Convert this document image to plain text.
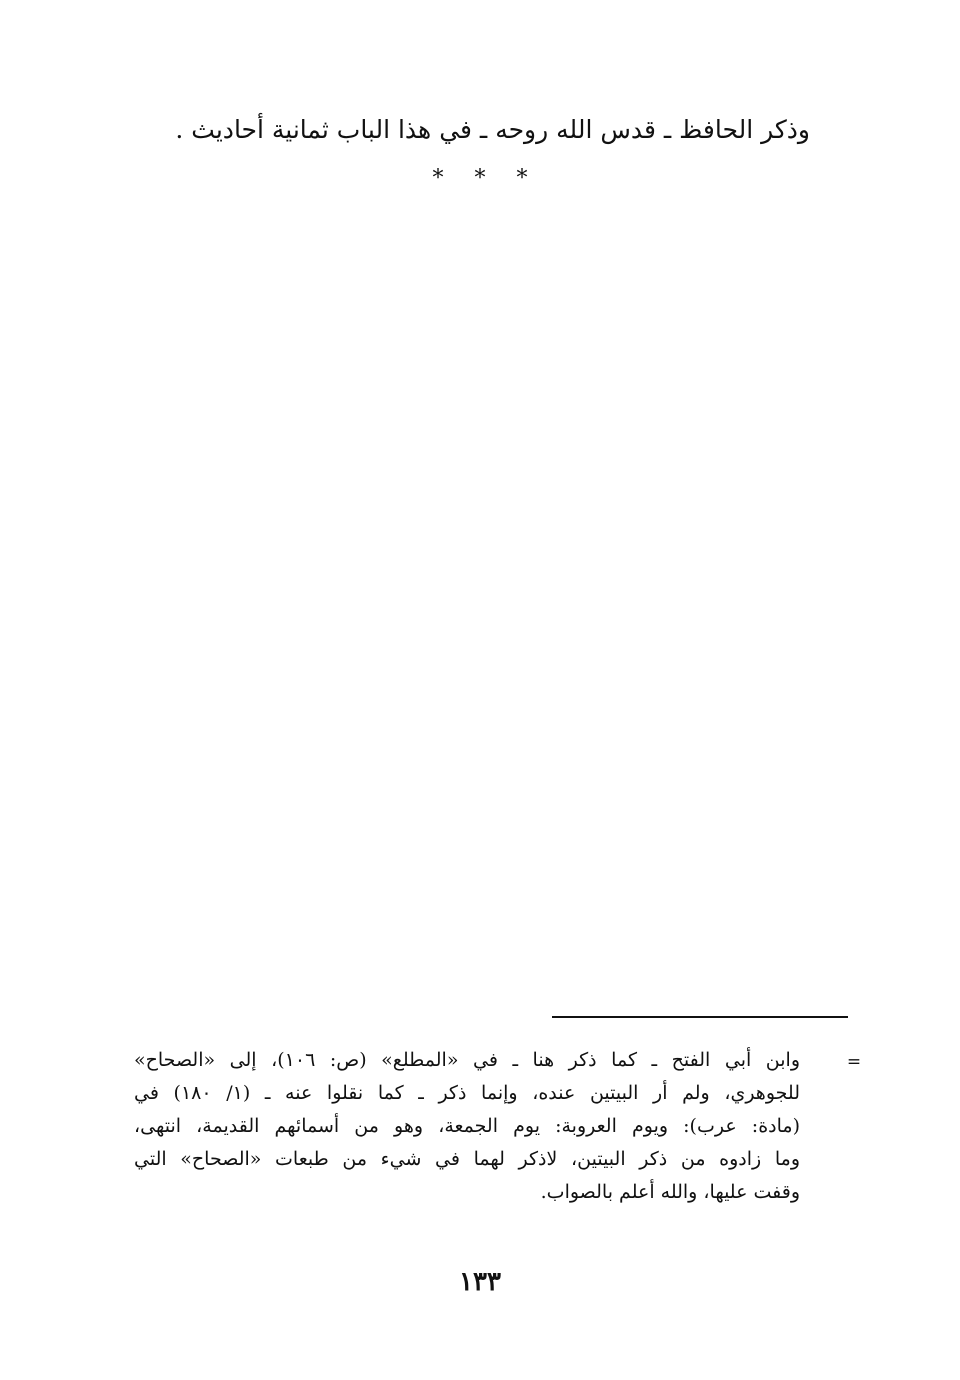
وذكر الحافظ ـ قدس الله روحه ـ في هذا الباب ثمانية أحاديث .
* * *
=
وابن أبي الفتح ـ كما ذكر هنا ـ في «المطلع» (ص: ١٠٦)، إلى «الصحاح»
للجوهري، ولم أر البيتين عنده، وإنما ذكر ـ كما نقلوا عنه ـ (١/ ١٨٠) في
(مادة: عرب): ويوم العروبة: يوم الجمعة، وهو من أسمائهم القديمة، انتهى،
وما زادوه من ذكر البيتين، لاذكر لهما في شيء من طبعات «الصحاح» التي
وقفت عليها، والله أعلم بالصواب.
١٣٣
